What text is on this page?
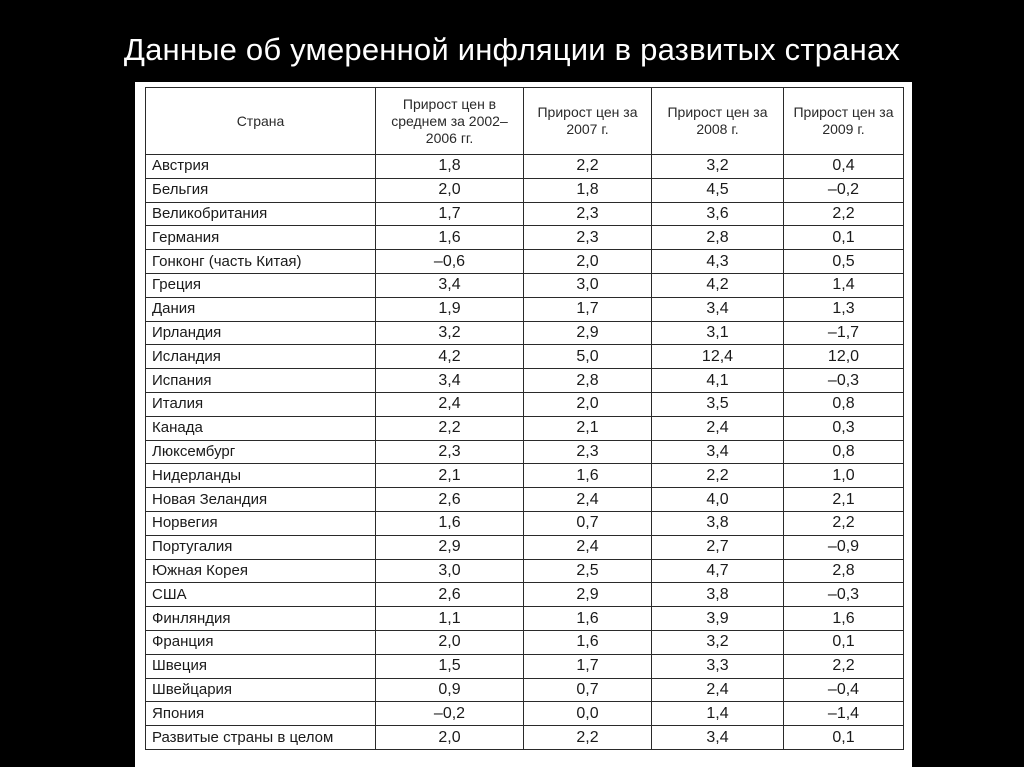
Данные об умеренной инфляции в развитых странах
Страна	Прирост цен в среднем за 2002–2006 гг.	Прирост цен за 2007 г.	Прирост цен за 2008 г.	Прирост цен за 2009 г.
Австрия	1,8	2,2	3,2	0,4
Бельгия	2,0	1,8	4,5	–0,2
Великобритания	1,7	2,3	3,6	2,2
Германия	1,6	2,3	2,8	0,1
Гонконг (часть Китая)	–0,6	2,0	4,3	0,5
Греция	3,4	3,0	4,2	1,4
Дания	1,9	1,7	3,4	1,3
Ирландия	3,2	2,9	3,1	–1,7
Исландия	4,2	5,0	12,4	12,0
Испания	3,4	2,8	4,1	–0,3
Италия	2,4	2,0	3,5	0,8
Канада	2,2	2,1	2,4	0,3
Люксембург	2,3	2,3	3,4	0,8
Нидерланды	2,1	1,6	2,2	1,0
Новая Зеландия	2,6	2,4	4,0	2,1
Норвегия	1,6	0,7	3,8	2,2
Португалия	2,9	2,4	2,7	–0,9
Южная Корея	3,0	2,5	4,7	2,8
США	2,6	2,9	3,8	–0,3
Финляндия	1,1	1,6	3,9	1,6
Франция	2,0	1,6	3,2	0,1
Швеция	1,5	1,7	3,3	2,2
Швейцария	0,9	0,7	2,4	–0,4
Япония	–0,2	0,0	1,4	–1,4
Развитые страны в целом	2,0	2,2	3,4	0,1
